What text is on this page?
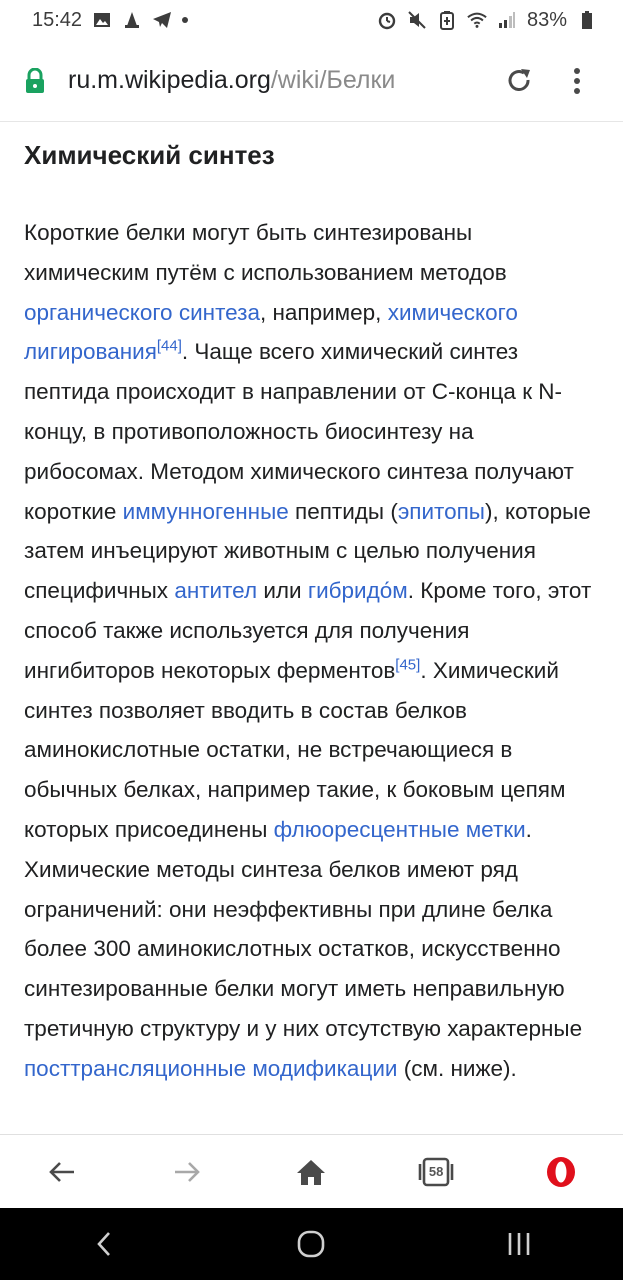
15:42	83%
ru.m.wikipedia.org/wiki/Белки
Химический синтез

Короткие белки могут быть синтезированы химическим путём с использованием методов органического синтеза, например, химического лигирования[44]. Чаще всего химический синтез пептида происходит в направлении от С-конца к N-концу, в противоположность биосинтезу на рибосомах. Методом химического синтеза получают короткие иммунногенные пептиды (эпитопы), которые затем инъецируют животным с целью получения специфичных антител или гибридо́м. Кроме того, этот способ также используется для получения ингибиторов некоторых ферментов[45]. Химический синтез позволяет вводить в состав белков аминокислотные остатки, не встречающиеся в обычных белках, например такие, к боковым цепям которых присоединены флюоресцентные метки. Химические методы синтеза белков имеют ряд ограничений: они неэффективны при длине белка более 300 аминокислотных остатков, искусственно синтезированные белки могут иметь неправильную третичную структуру и у них отсутствую характерные посттрансляционные модификации (см. ниже).

58
